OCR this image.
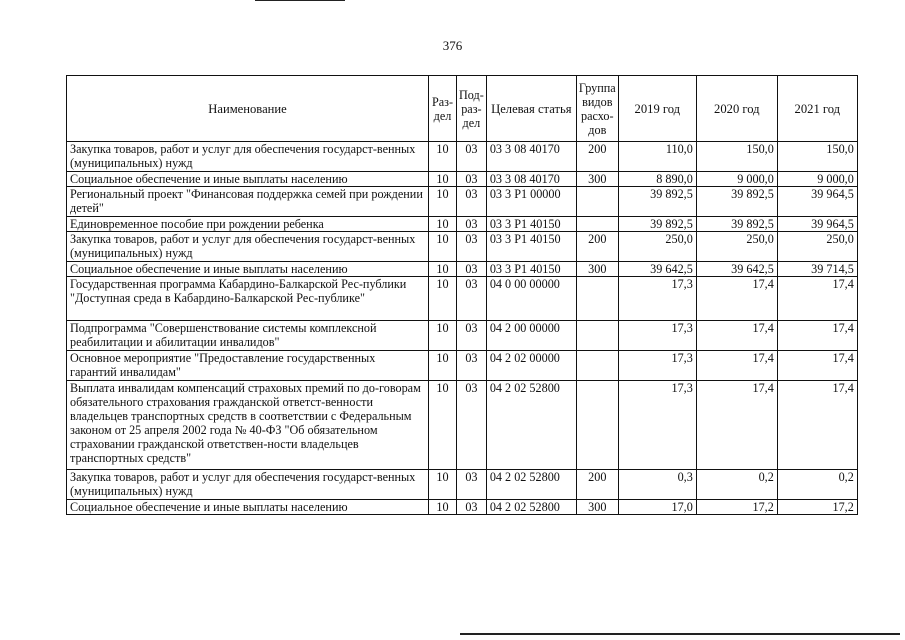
376
Наименование	Раз-дел	Под-раз-дел	Целевая статья	Группа видов расхо-дов	2019 год	2020 год	2021 год
Закупка товаров, работ и услуг для обеспечения государст-венных (муниципальных) нужд	10	03	03 3 08 40170	200	110,0	150,0	150,0
Социальное обеспечение и иные выплаты населению	10	03	03 3 08 40170	300	8 890,0	9 000,0	9 000,0
Региональный проект "Финансовая поддержка семей при рождении детей"	10	03	03 3 P1 00000		39 892,5	39 892,5	39 964,5
Единовременное пособие при рождении ребенка	10	03	03 3 P1 40150		39 892,5	39 892,5	39 964,5
Закупка товаров, работ и услуг для обеспечения государст-венных (муниципальных) нужд	10	03	03 3 P1 40150	200	250,0	250,0	250,0
Социальное обеспечение и иные выплаты населению	10	03	03 3 P1 40150	300	39 642,5	39 642,5	39 714,5
Государственная программа Кабардино-Балкарской Рес-публики "Доступная среда в Кабардино-Балкарской Рес-публике"	10	03	04 0 00 00000		17,3	17,4	17,4
Подпрограмма "Совершенствование системы комплексной реабилитации и абилитации инвалидов"	10	03	04 2 00 00000		17,3	17,4	17,4
Основное мероприятие "Предоставление государственных гарантий инвалидам"	10	03	04 2 02 00000		17,3	17,4	17,4
Выплата инвалидам компенсаций страховых премий по до-говорам обязательного страхования гражданской ответст-венности владельцев транспортных средств в соответствии с Федеральным законом от 25 апреля 2002 года № 40-ФЗ "Об обязательном страховании гражданской ответствен-ности владельцев транспортных средств"	10	03	04 2 02 52800		17,3	17,4	17,4
Закупка товаров, работ и услуг для обеспечения государст-венных (муниципальных) нужд	10	03	04 2 02 52800	200	0,3	0,2	0,2
Социальное обеспечение и иные выплаты населению	10	03	04 2 02 52800	300	17,0	17,2	17,2
